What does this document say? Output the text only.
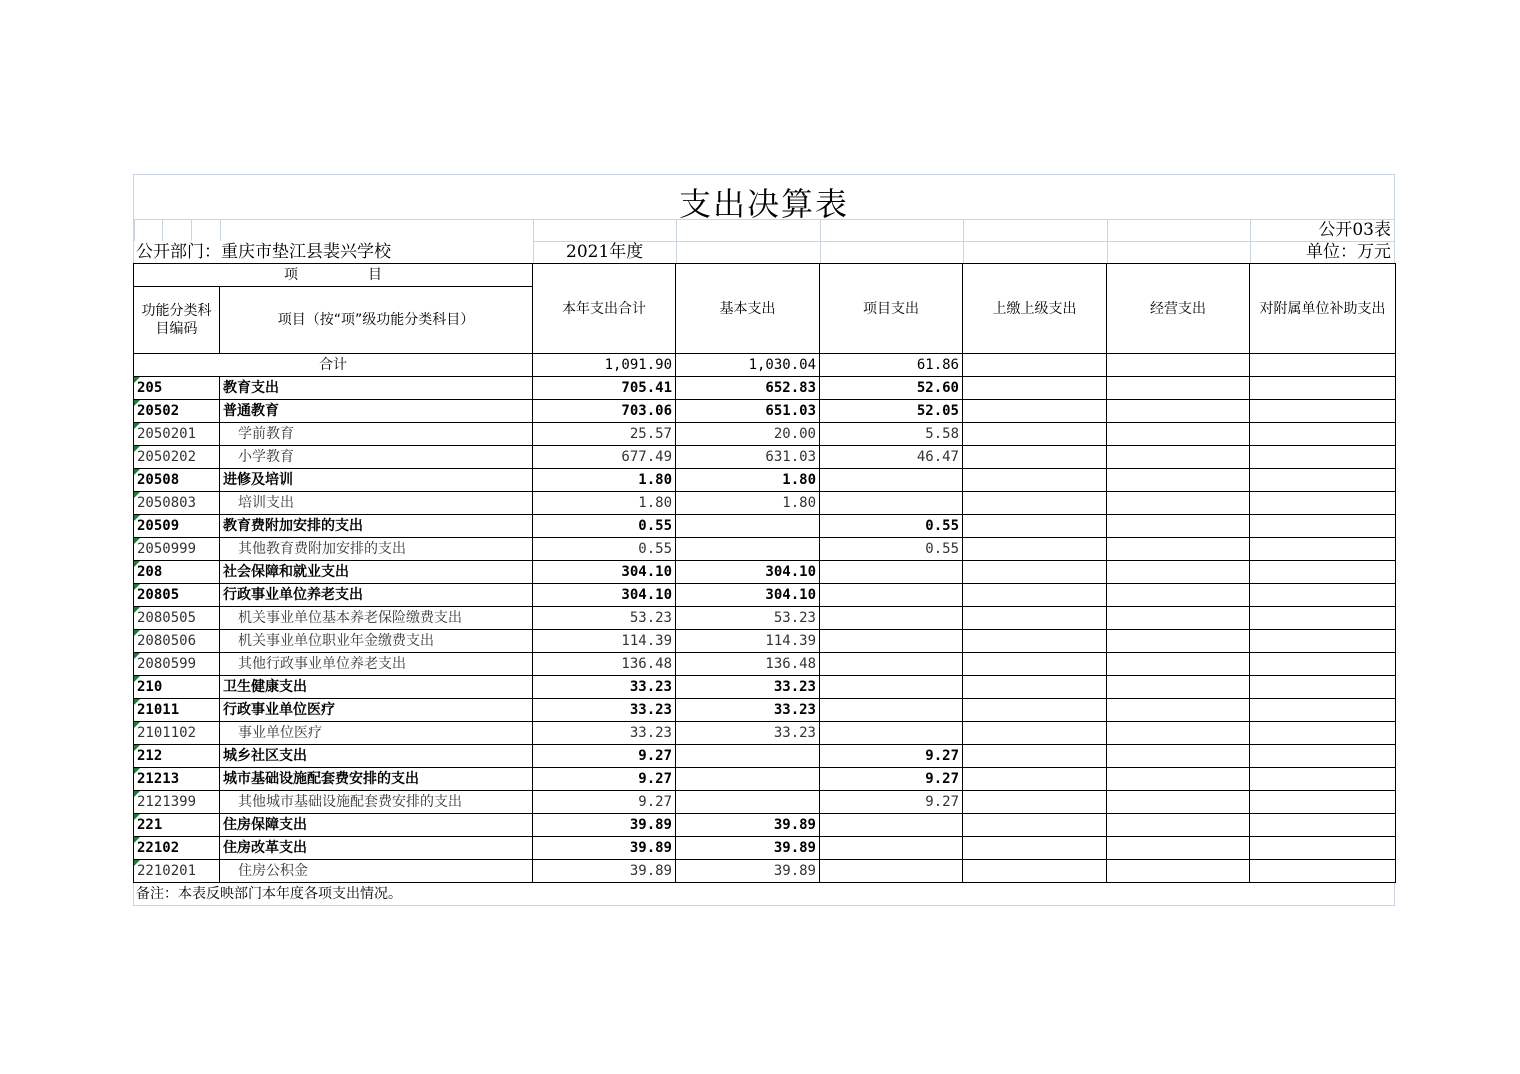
支出决算表
公开03表
公开部门：重庆市垫江县裴兴学校	2021年度	单位：万元
项　　　　　目		本年支出合计	基本支出	项目支出	上缴上级支出	经营支出	对附属单位补助支出
功能分类科目编码	项目（按“项”级功能分类科目）						
合计		1,091.90	1,030.04	61.86			
205	教育支出	705.41	652.83	52.60			
20502	普通教育	703.06	651.03	52.05			
2050201	学前教育	25.57	20.00	5.58			
2050202	小学教育	677.49	631.03	46.47			
20508	进修及培训	1.80	1.80				
2050803	培训支出	1.80	1.80				
20509	教育费附加安排的支出	0.55		0.55			
2050999	其他教育费附加安排的支出	0.55		0.55			
208	社会保障和就业支出	304.10	304.10				
20805	行政事业单位养老支出	304.10	304.10				
2080505	机关事业单位基本养老保险缴费支出	53.23	53.23				
2080506	机关事业单位职业年金缴费支出	114.39	114.39				
2080599	其他行政事业单位养老支出	136.48	136.48				
210	卫生健康支出	33.23	33.23				
21011	行政事业单位医疗	33.23	33.23				
2101102	事业单位医疗	33.23	33.23				
212	城乡社区支出	9.27		9.27			
21213	城市基础设施配套费安排的支出	9.27		9.27			
2121399	其他城市基础设施配套费安排的支出	9.27		9.27			
221	住房保障支出	39.89	39.89				
22102	住房改革支出	39.89	39.89				
2210201	住房公积金	39.89	39.89				
备注：本表反映部门本年度各项支出情况。
